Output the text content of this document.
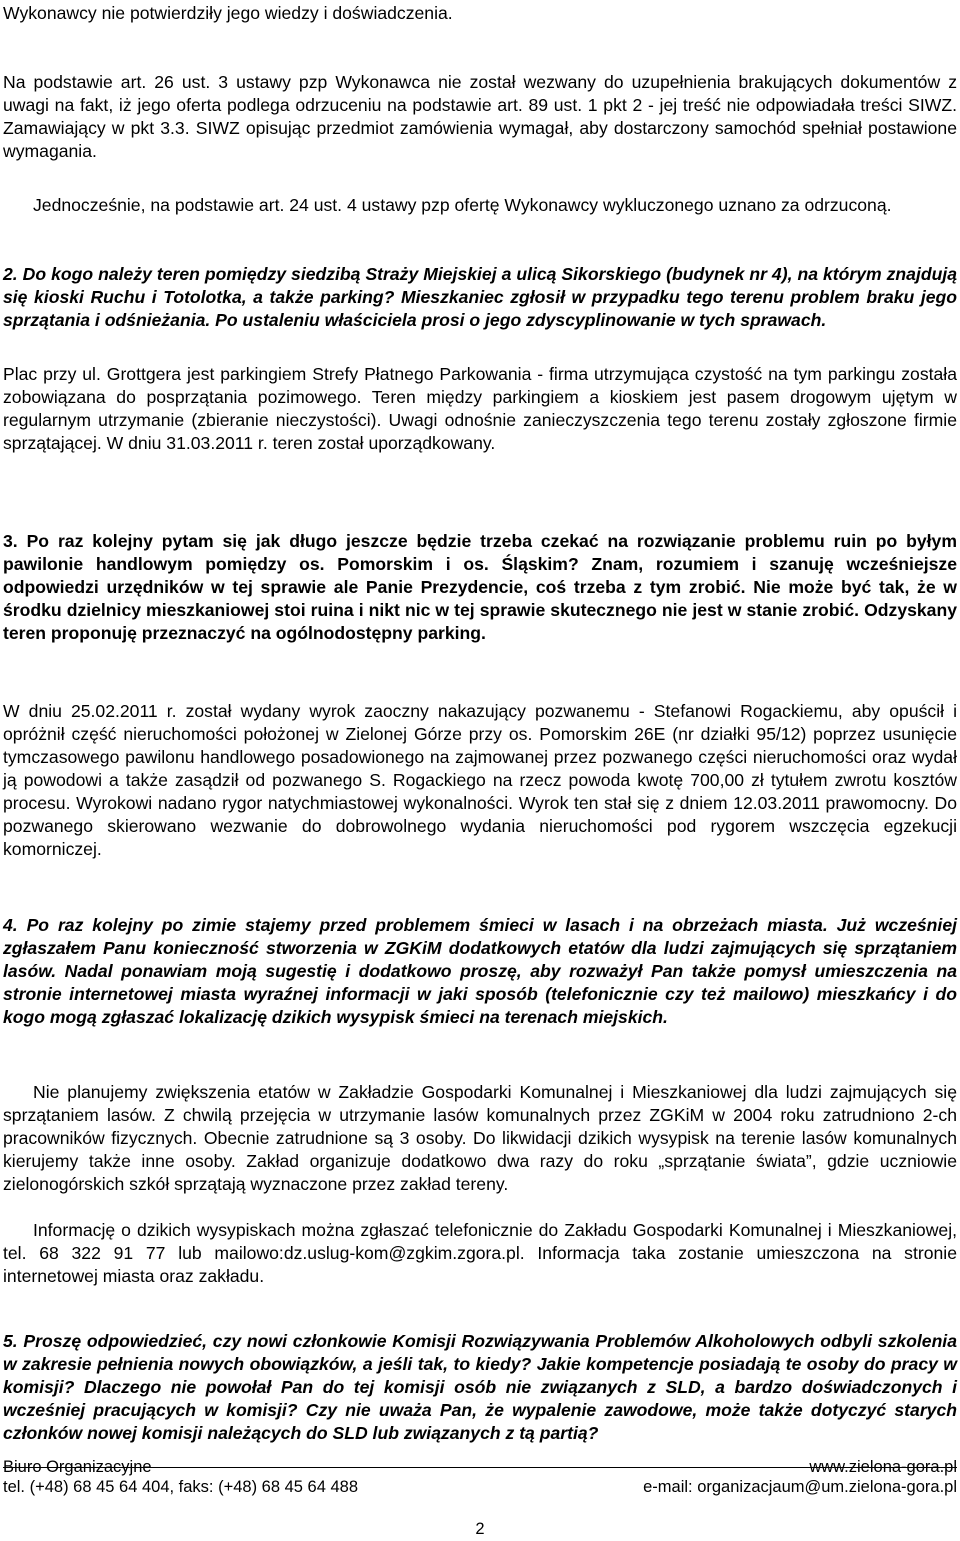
Wykonawcy nie potwierdziły jego wiedzy i doświadczenia.

Na podstawie art. 26 ust. 3 ustawy pzp Wykonawca nie został wezwany do uzupełnienia brakujących dokumentów z uwagi na fakt, iż jego oferta podlega odrzuceniu na podstawie art. 89 ust. 1 pkt 2 - jej treść nie odpowiadała treści SIWZ. Zamawiający w pkt 3.3. SIWZ opisując przedmiot zamówienia wymagał, aby dostarczony samochód spełniał postawione wymagania.

Jednocześnie, na podstawie art. 24 ust. 4 ustawy pzp ofertę Wykonawcy wykluczonego uznano za odrzuconą.

2. Do kogo należy teren pomiędzy siedzibą Straży Miejskiej a ulicą Sikorskiego (budynek nr 4), na którym znajdują się kioski Ruchu i Totolotka, a także parking? Mieszkaniec zgłosił w przypadku tego terenu problem braku jego sprzątania i odśnieżania. Po ustaleniu właściciela prosi o jego zdyscyplinowanie w tych sprawach.

Plac przy ul. Grottgera jest parkingiem Strefy Płatnego Parkowania - firma utrzymująca czystość na tym parkingu została zobowiązana do posprzątania pozimowego. Teren między parkingiem a kioskiem jest pasem drogowym ujętym w regularnym utrzymanie (zbieranie nieczystości). Uwagi odnośnie zanieczyszczenia tego terenu zostały zgłoszone firmie sprzątającej. W dniu 31.03.2011 r. teren został uporządkowany.

3. Po raz kolejny pytam się jak długo jeszcze będzie trzeba czekać na rozwiązanie problemu ruin po byłym pawilonie handlowym pomiędzy os. Pomorskim i os. Śląskim? Znam, rozumiem i szanuję wcześniejsze odpowiedzi urzędników w tej sprawie ale Panie Prezydencie, coś trzeba z tym zrobić. Nie może być tak, że w środku dzielnicy mieszkaniowej stoi ruina i nikt nic w tej sprawie skutecznego nie jest w stanie zrobić. Odzyskany teren proponuję przeznaczyć na ogólnodostępny parking.

W dniu 25.02.2011 r. został wydany wyrok zaoczny nakazujący pozwanemu - Stefanowi Rogackiemu, aby opuścił i opróżnił część nieruchomości położonej w Zielonej Górze przy os. Pomorskim 26E (nr działki 95/12) poprzez usunięcie tymczasowego pawilonu handlowego posadowionego na zajmowanej przez pozwanego części nieruchomości oraz wydał ją powodowi a także zasądził od pozwanego S. Rogackiego na rzecz powoda kwotę 700,00 zł tytułem zwrotu kosztów procesu. Wyrokowi nadano rygor natychmiastowej wykonalności. Wyrok ten stał się z dniem 12.03.2011 prawomocny. Do pozwanego skierowano wezwanie do dobrowolnego wydania nieruchomości pod rygorem wszczęcia egzekucji komorniczej.

4. Po raz kolejny po zimie stajemy przed problemem śmieci w lasach i na obrzeżach miasta. Już wcześniej zgłaszałem Panu konieczność stworzenia w ZGKiM dodatkowych etatów dla ludzi zajmujących się sprzątaniem lasów. Nadal ponawiam moją sugestię i dodatkowo proszę, aby rozważył Pan także pomysł umieszczenia na stronie internetowej miasta wyraźnej informacji w jaki sposób (telefonicznie czy też mailowo) mieszkańcy i do kogo mogą zgłaszać lokalizację dzikich wysypisk śmieci na terenach miejskich.

Nie planujemy zwiększenia etatów w Zakładzie Gospodarki Komunalnej i Mieszkaniowej dla ludzi zajmujących się sprzątaniem lasów. Z chwilą przejęcia w utrzymanie lasów komunalnych przez ZGKiM w 2004 roku zatrudniono 2-ch pracowników fizycznych. Obecnie zatrudnione są 3 osoby. Do likwidacji dzikich wysypisk na terenie lasów komunalnych kierujemy także inne osoby. Zakład organizuje dodatkowo dwa razy do roku „sprzątanie świata”, gdzie uczniowie zielonogórskich szkół sprzątają wyznaczone przez zakład tereny.

Informację o dzikich wysypiskach można zgłaszać telefonicznie do Zakładu Gospodarki Komunalnej i Mieszkaniowej, tel. 68 322 91 77 lub mailowo:dz.uslug-kom@zgkim.zgora.pl. Informacja taka zostanie umieszczona na stronie internetowej miasta oraz zakładu.

5. Proszę odpowiedzieć, czy nowi członkowie Komisji Rozwiązywania Problemów Alkoholowych odbyli szkolenia w zakresie pełnienia nowych obowiązków, a jeśli tak, to kiedy? Jakie kompetencje posiadają te osoby do pracy w komisji? Dlaczego nie powołał Pan do tej komisji osób nie związanych z SLD, a bardzo doświadczonych i wcześniej pracujących w komisji? Czy nie uważa Pan, że wypalenie zawodowe, może także dotyczyć starych członków nowej komisji należących do SLD lub związanych z tą partią?

Biuro Organizacyjne	www.zielona-gora.pl
tel. (+48) 68 45 64 404, faks: (+48) 68 45 64 488	e-mail: organizacjaum@um.zielona-gora.pl
2
